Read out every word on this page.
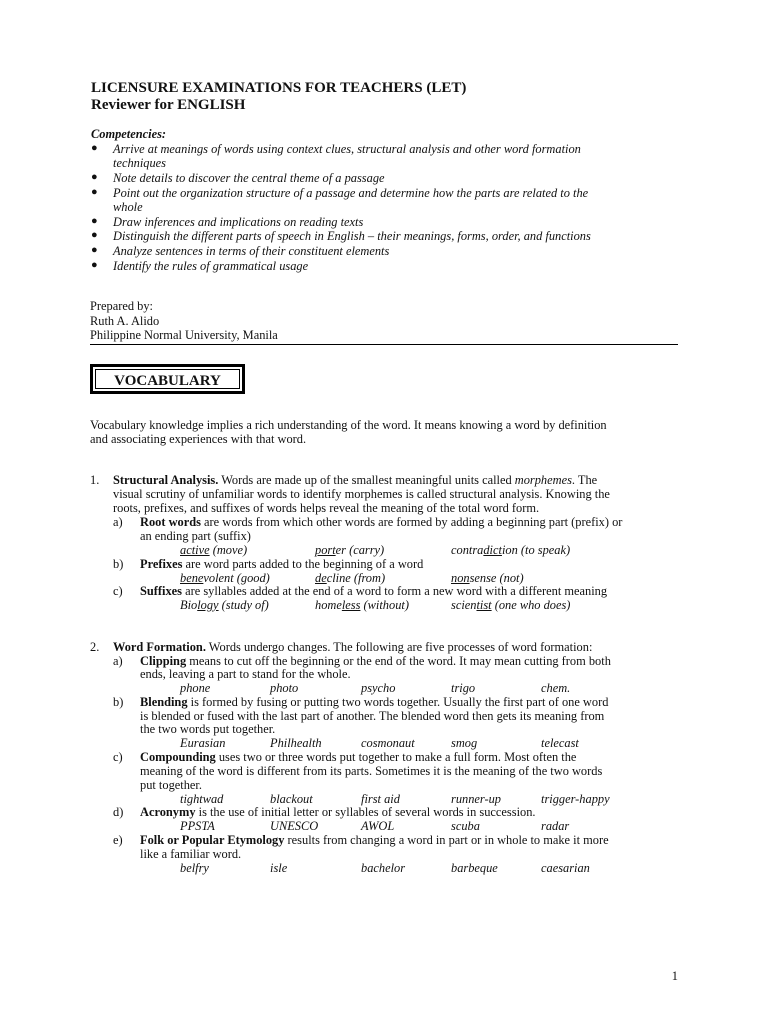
LICENSURE EXAMINATIONS FOR TEACHERS (LET)
Reviewer for ENGLISH
Competencies:
● Arrive at meanings of words using context clues, structural analysis and other word formation
techniques
● Note details to discover the central theme of a passage
● Point out the organization structure of a passage and determine how the parts are related to the
whole
● Draw inferences and implications on reading texts
● Distinguish the different parts of speech in English – their meanings, forms, order, and functions
● Analyze sentences in terms of their constituent elements
● Identify the rules of grammatical usage
Prepared by:
Ruth A. Alido
Philippine Normal University, Manila
VOCABULARY
Vocabulary knowledge implies a rich understanding of the word. It means knowing a word by definition
and associating experiences with that word.
1. Structural Analysis. Words are made up of the smallest meaningful units called morphemes. The
visual scrutiny of unfamiliar words to identify morphemes is called structural analysis. Knowing the
roots, prefixes, and suffixes of words helps reveal the meaning of the total word form.
a) Root words are words from which other words are formed by adding a beginning part (prefix) or
an ending part (suffix)
active (move)	porter (carry)	contradiction (to speak)
b) Prefixes are word parts added to the beginning of a word
benevolent (good)	decline (from)	nonsense (not)
c) Suffixes are syllables added at the end of a word to form a new word with a different meaning
Biology (study of)	homeless (without)	scientist (one who does)
2. Word Formation. Words undergo changes. The following are five processes of word formation:
a) Clipping means to cut off the beginning or the end of the word. It may mean cutting from both
ends, leaving a part to stand for the whole.
phone	photo	psycho	trigo	chem.
b) Blending is formed by fusing or putting two words together. Usually the first part of one word
is blended or fused with the last part of another. The blended word then gets its meaning from
the two words put together.
Eurasian	Philhealth	cosmonaut	smog	telecast
c) Compounding uses two or three words put together to make a full form. Most often the
meaning of the word is different from its parts. Sometimes it is the meaning of the two words
put together.
tightwad	blackout	first aid	runner-up	trigger-happy
d) Acronymy is the use of initial letter or syllables of several words in succession.
PPSTA	UNESCO	AWOL	scuba	radar
e) Folk or Popular Etymology results from changing a word in part or in whole to make it more
like a familiar word.
belfry	isle	bachelor	barbeque	caesarian
1
